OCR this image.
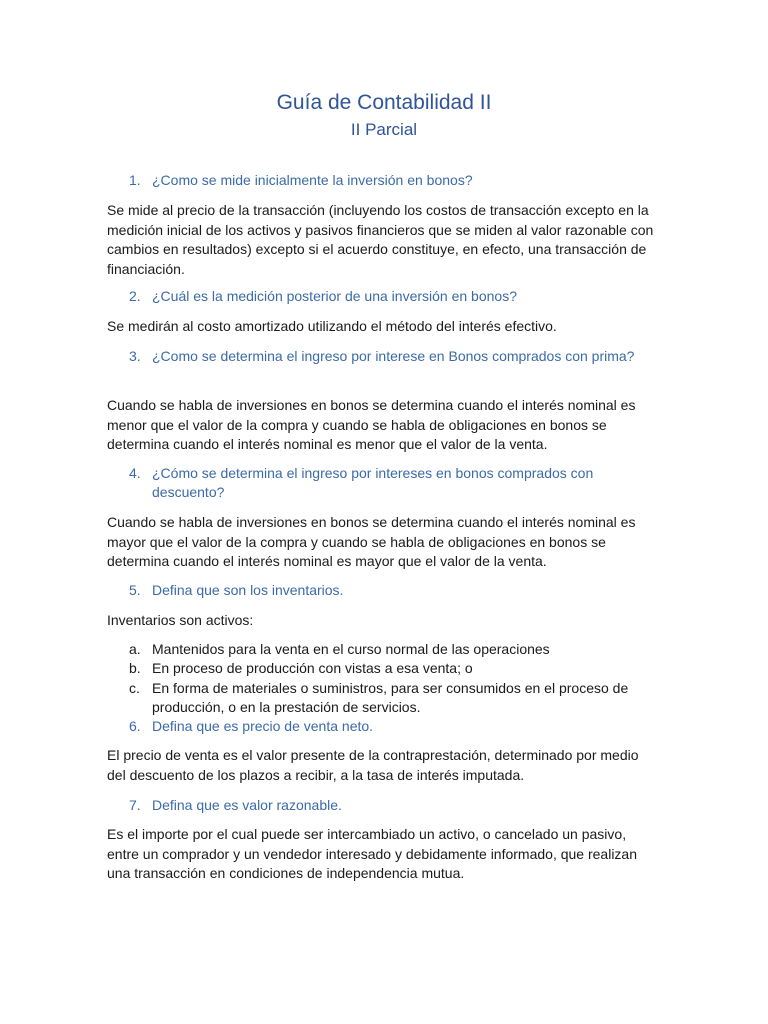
Guía de Contabilidad II
II Parcial
1. ¿Como se mide inicialmente la inversión en bonos?
Se mide al precio de la transacción (incluyendo los costos de transacción excepto en la medición inicial de los activos y pasivos financieros que se miden al valor razonable con cambios en resultados) excepto si el acuerdo constituye, en efecto, una transacción de financiación.
2. ¿Cuál es la medición posterior de una inversión en bonos?
Se medirán al costo amortizado utilizando el método del interés efectivo.
3. ¿Como se determina el ingreso por interese en Bonos comprados con prima?
Cuando se habla de inversiones en bonos se determina cuando el interés nominal es menor que el valor de la compra y cuando se habla de obligaciones en bonos se determina cuando el interés nominal es menor que el valor de la venta.
4. ¿Cómo se determina el ingreso por intereses en bonos comprados con descuento?
Cuando se habla de inversiones en bonos se determina cuando el interés nominal es mayor que el valor de la compra y cuando se habla de obligaciones en bonos se determina cuando el interés nominal es mayor que el valor de la venta.
5. Defina que son los inventarios.
Inventarios son activos:
a. Mantenidos para la venta en el curso normal de las operaciones
b. En proceso de producción con vistas a esa venta; o
c. En forma de materiales o suministros, para ser consumidos en el proceso de producción, o en la prestación de servicios.
6. Defina que es precio de venta neto.
El precio de venta es el valor presente de la contraprestación, determinado por medio del descuento de los plazos a recibir, a la tasa de interés imputada.
7. Defina que es valor razonable.
Es el importe por el cual puede ser intercambiado un activo, o cancelado un pasivo, entre un comprador y un vendedor interesado y debidamente informado, que realizan una transacción en condiciones de independencia mutua.
